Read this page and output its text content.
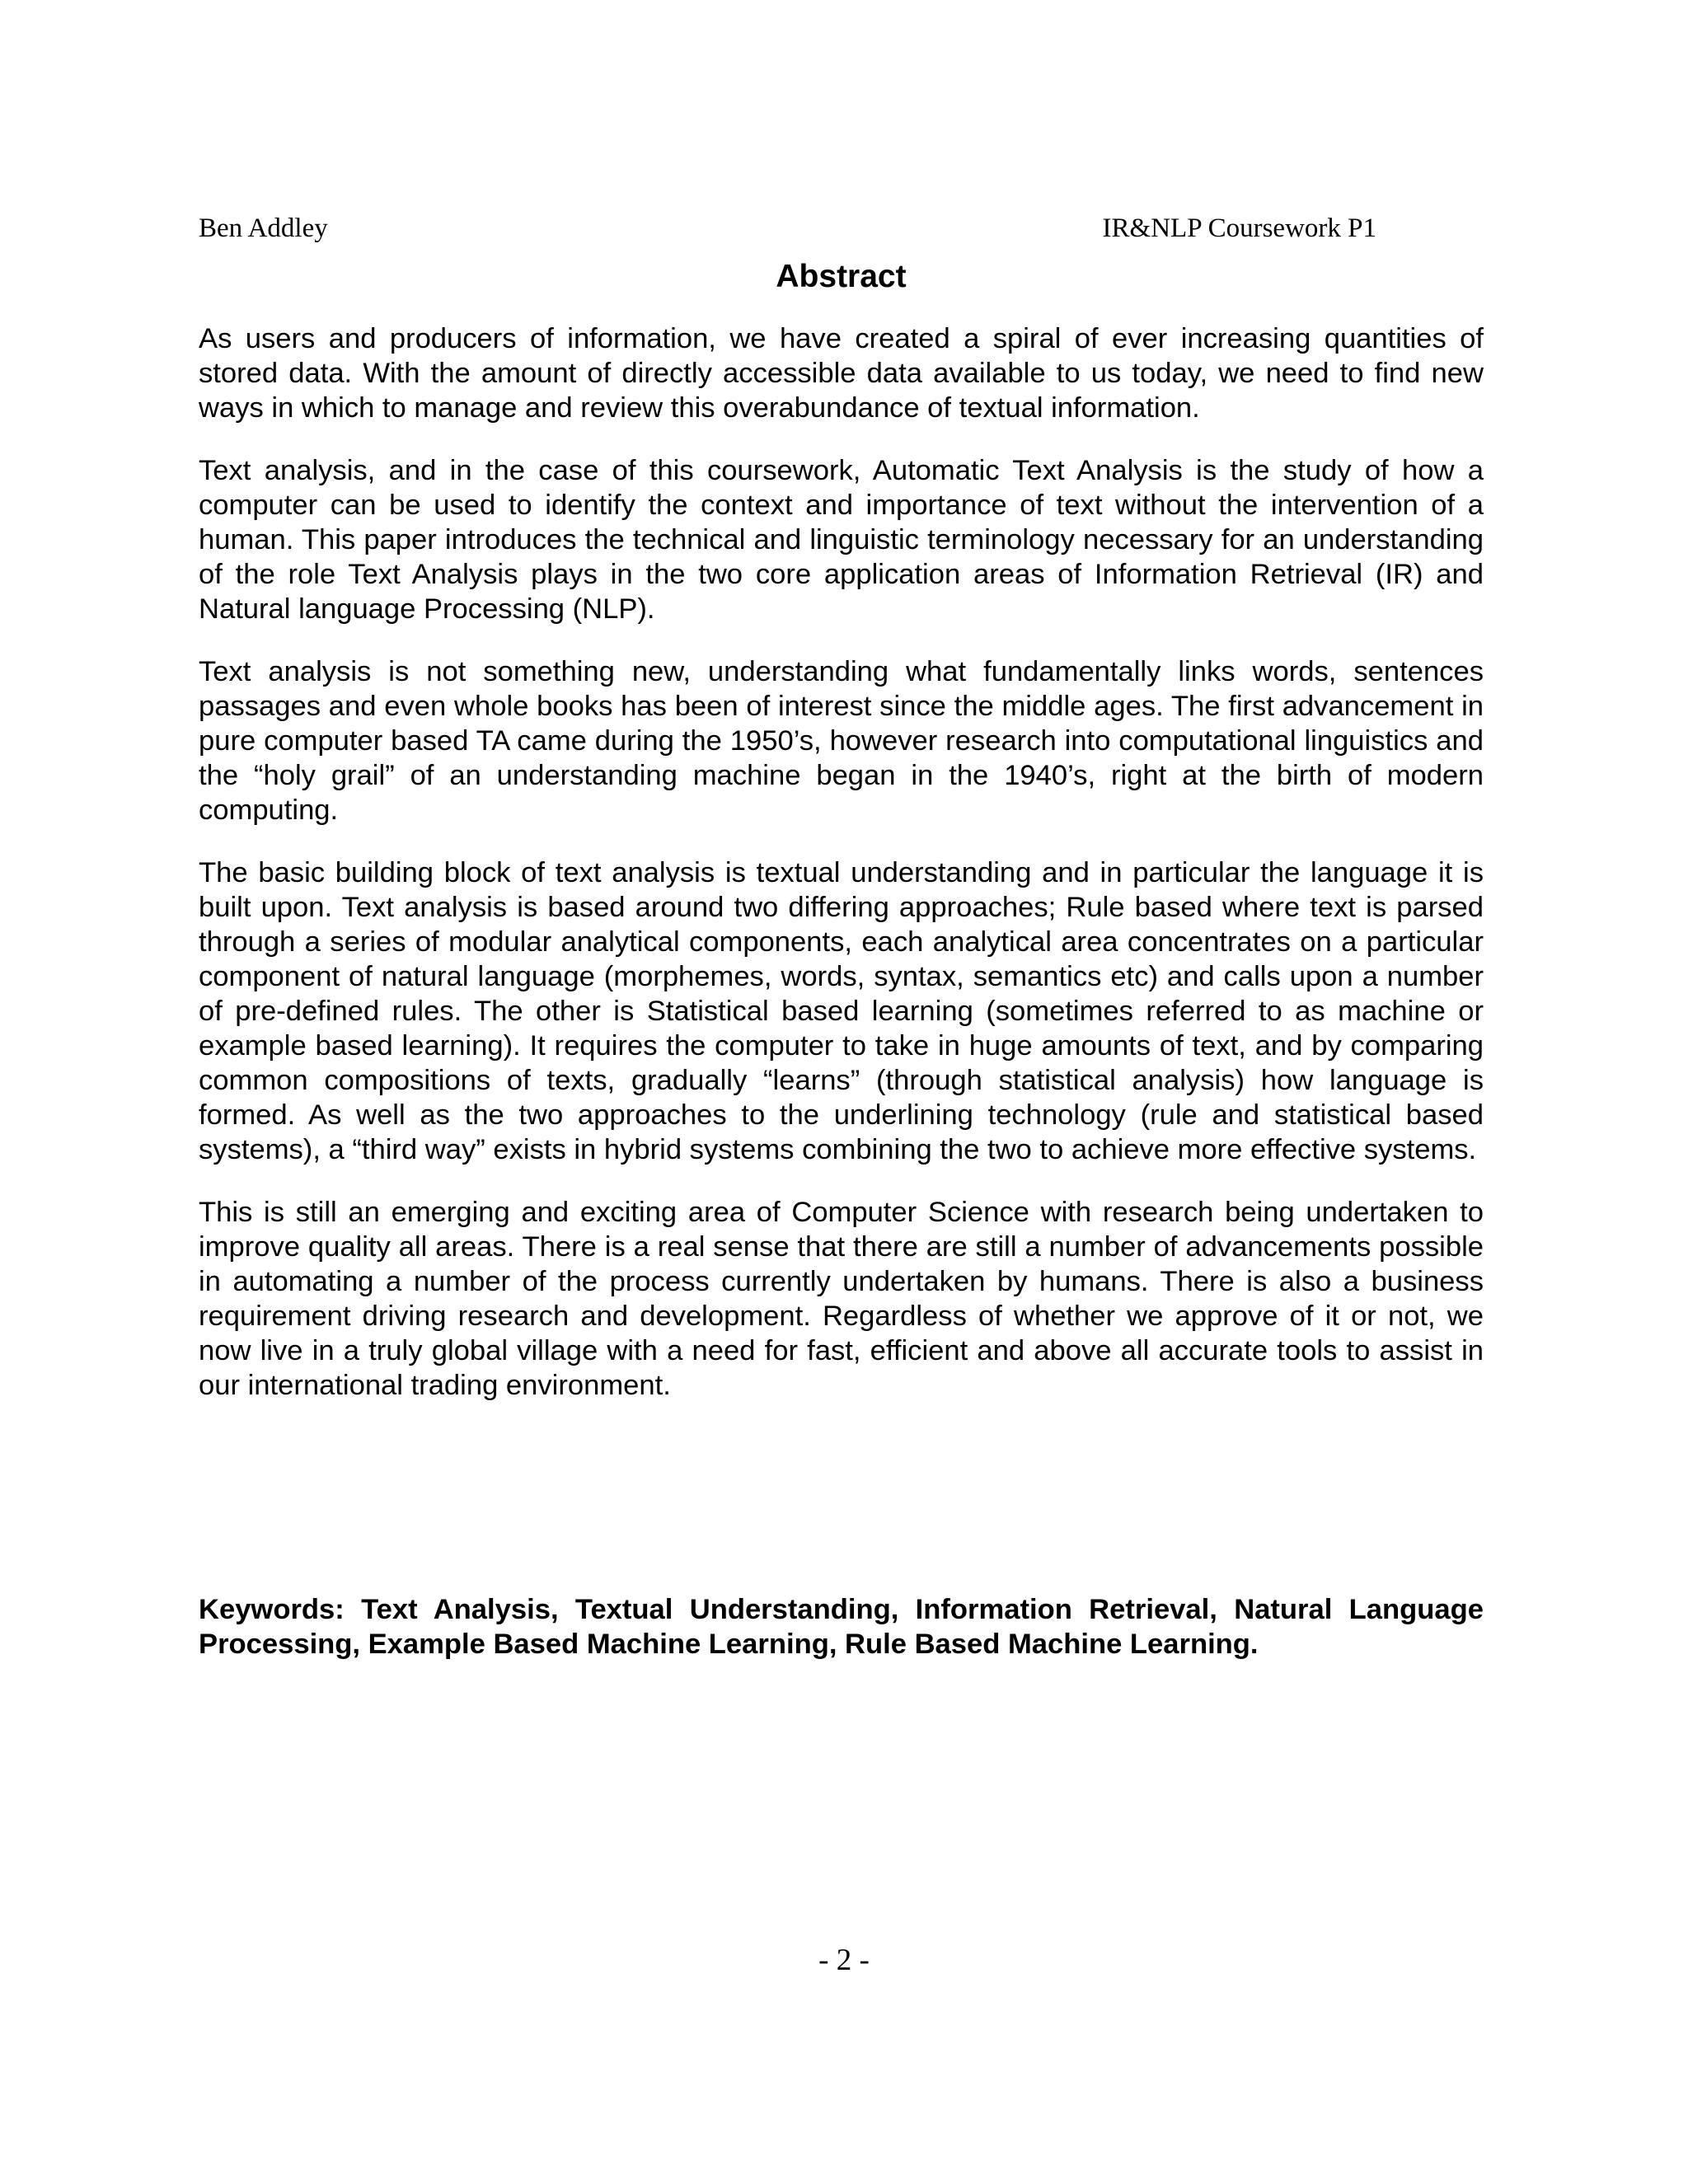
Ben Addley	IR&NLP Coursework P1
Abstract

As users and producers of information, we have created a spiral of ever increasing quantities of stored data. With the amount of directly accessible data available to us today, we need to find new ways in which to manage and review this overabundance of textual information.

Text analysis, and in the case of this coursework, Automatic Text Analysis is the study of how a computer can be used to identify the context and importance of text without the intervention of a human. This paper introduces the technical and linguistic terminology necessary for an understanding of the role Text Analysis plays in the two core application areas of Information Retrieval (IR) and Natural language Processing (NLP).

Text analysis is not something new, understanding what fundamentally links words, sentences passages and even whole books has been of interest since the middle ages. The first advancement in pure computer based TA came during the 1950’s, however research into computational linguistics and the “holy grail” of an understanding machine began in the 1940’s, right at the birth of modern computing.

The basic building block of text analysis is textual understanding and in particular the language it is built upon. Text analysis is based around two differing approaches; Rule based where text is parsed through a series of modular analytical components, each analytical area concentrates on a particular component of natural language (morphemes, words, syntax, semantics etc) and calls upon a number of pre-defined rules. The other is Statistical based learning (sometimes referred to as machine or example based learning). It requires the computer to take in huge amounts of text, and by comparing common compositions of texts, gradually “learns” (through statistical analysis) how language is formed. As well as the two approaches to the underlining technology (rule and statistical based systems), a “third way” exists in hybrid systems combining the two to achieve more effective systems.

This is still an emerging and exciting area of Computer Science with research being undertaken to improve quality all areas. There is a real sense that there are still a number of advancements possible in automating a number of the process currently undertaken by humans. There is also a business requirement driving research and development. Regardless of whether we approve of it or not, we now live in a truly global village with a need for fast, efficient and above all accurate tools to assist in our international trading environment.

Keywords: Text Analysis, Textual Understanding, Information Retrieval, Natural Language Processing, Example Based Machine Learning, Rule Based Machine Learning.
- 2 -
